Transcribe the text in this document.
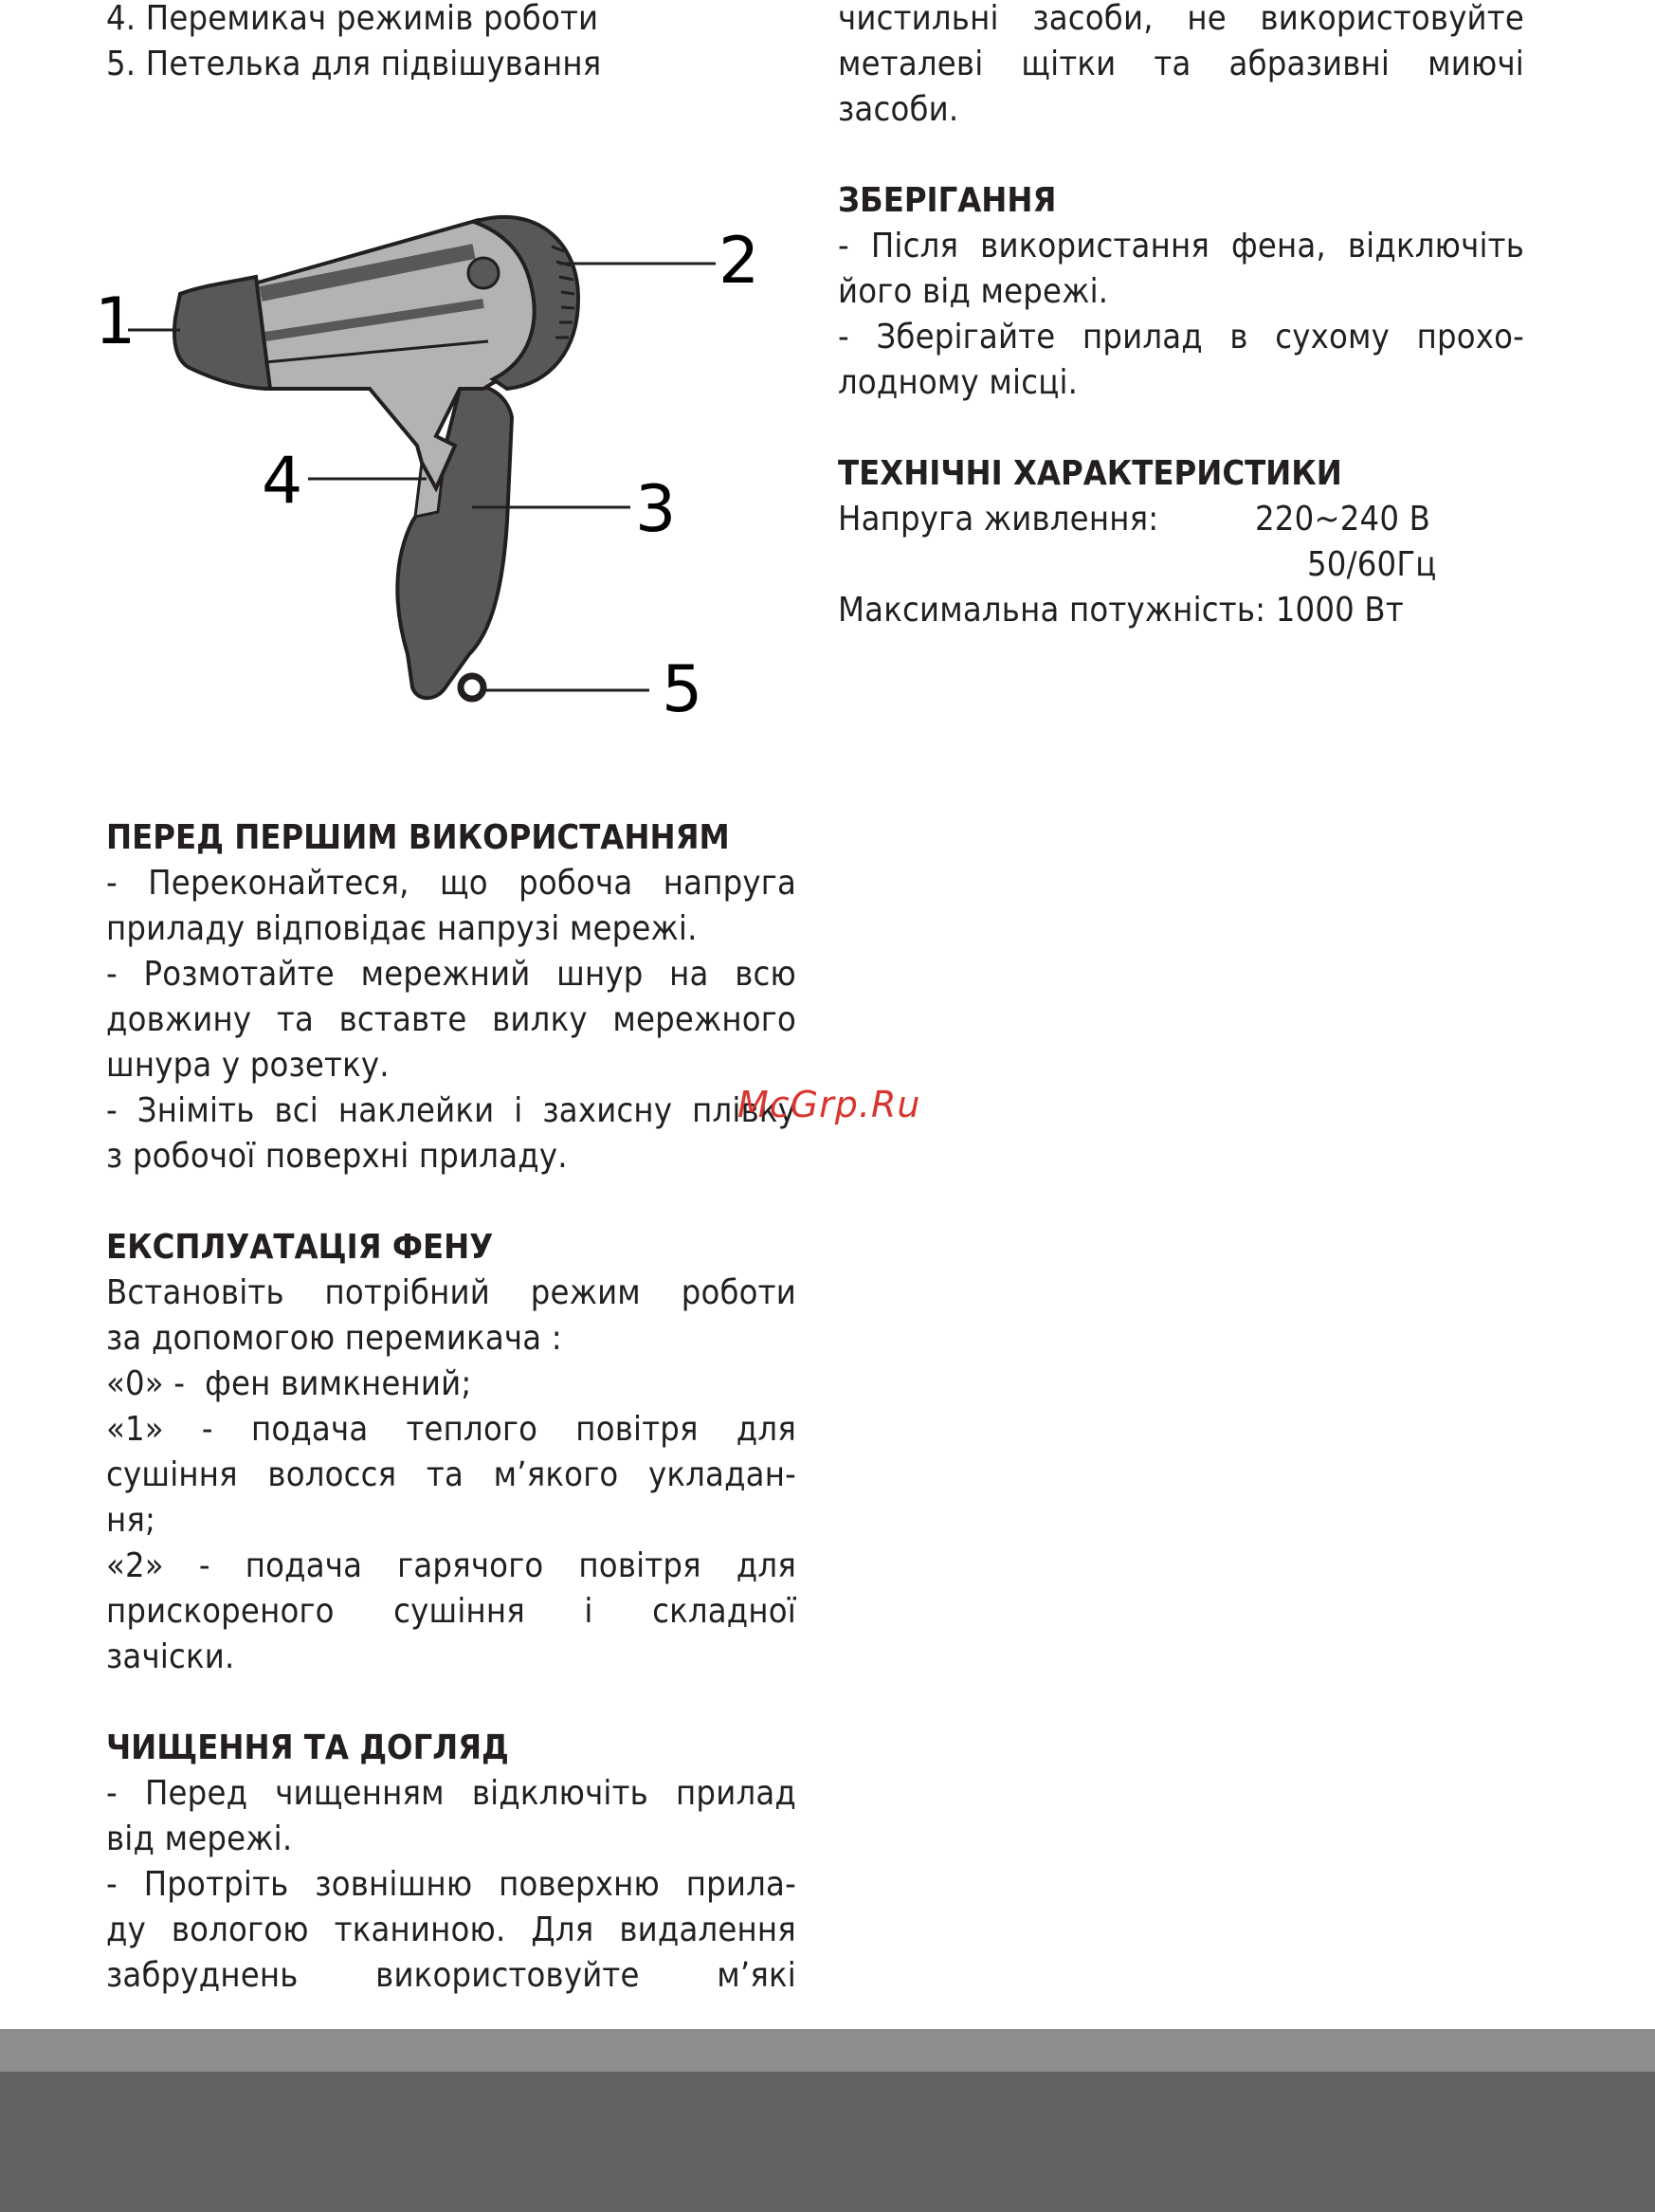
4. Перемикач режимів роботи

5. Петелька для підвішування

1
2
3
4
5
ПЕРЕД ПЕРШИМ ВИКОРИСТАННЯМ

- Переконайтеся, що робоча напруга

приладу відповідає напрузі мережі.

- Розмотайте мережний шнур на всю

довжину та вставте вилку мережного

шнура у розетку.

- Зніміть всі наклейки і захисну плівку

з робочої поверхні приладу.

ЕКСПЛУАТАЦІЯ ФЕНУ

Встановіть потрібний режим роботи

за допомогою перемикача :

«0» -  фен вимкнений;

«1» - подача теплого повітря для

сушіння волосся та м’якого укладан-

ня;

«2» - подача гарячого повітря для

прискореного сушіння і складної

зачіски.

ЧИЩЕННЯ ТА ДОГЛЯД

- Перед чищенням відключіть прилад

від мережі.

- Протріть зовнішню поверхню прила-

ду вологою тканиною. Для видалення

забруднень використовуйте м’які

чистильні засоби, не використовуйте

металеві щітки та абразивні миючі

засоби.

ЗБЕРІГАННЯ

- Після використання фена, відключіть

його від мережі.

- Зберігайте прилад в сухому прохо-

лодному місці.

ТЕХНІЧНІ ХАРАКТЕРИСТИКИ
Напруга живлення:	220~240 В
50/60Гц

Максимальна потужність: 1000 Вт

McGrp.Ru
